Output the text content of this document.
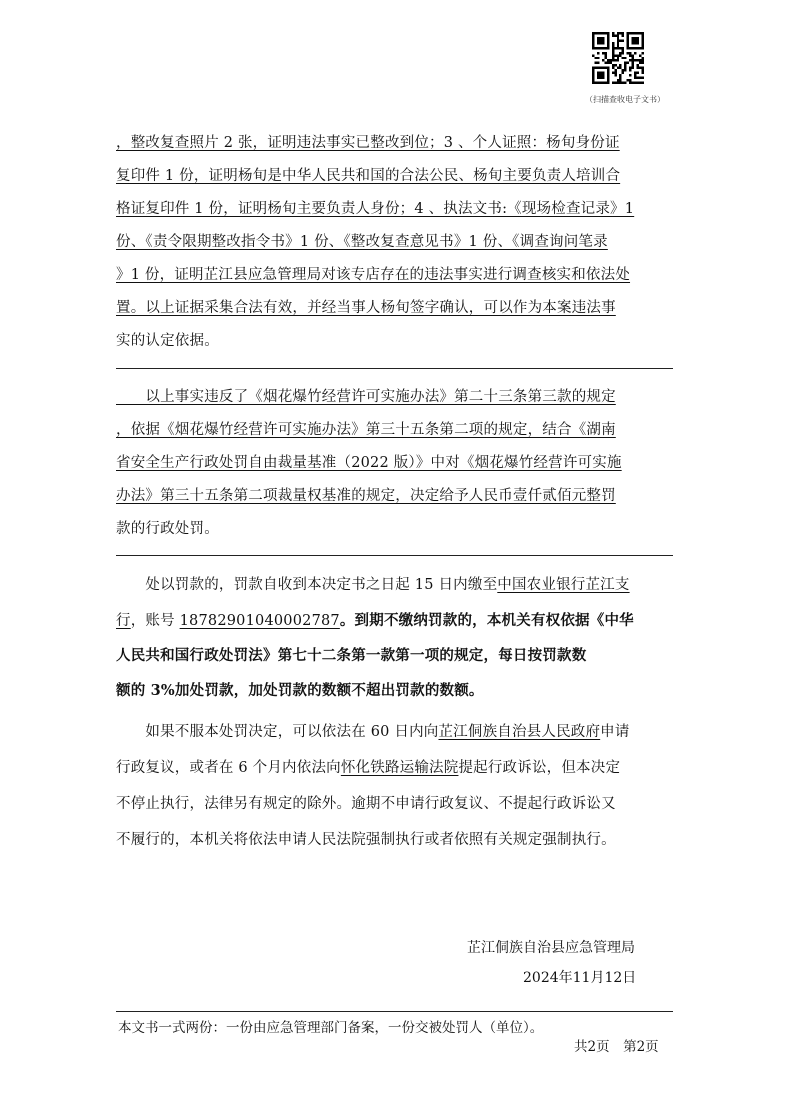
（扫描查收电子文书）
，整改复查照片 2 张，证明违法事实已整改到位；3 、个人证照：杨旬身份证
复印件 1 份，证明杨旬是中华人民共和国的合法公民、杨旬主要负责人培训合
格证复印件 1 份，证明杨旬主要负责人身份；4 、执法文书:《现场检查记录》1
份、《责令限期整改指令书》1 份、《整改复查意见书》1 份、《调查询问笔录
》1 份，证明芷江县应急管理局对该专店存在的违法事实进行调查核实和依法处
置。以上证据采集合法有效，并经当事人杨旬签字确认，可以作为本案违法事
实的认定依据。
　　以上事实违反了《烟花爆竹经营许可实施办法》第二十三条第三款的规定
，依据《烟花爆竹经营许可实施办法》第三十五条第二项的规定，结合《湖南
省安全生产行政处罚自由裁量基准（2022 版）》中对《烟花爆竹经营许可实施
办法》第三十五条第二项裁量权基准的规定，决定给予人民币壹仟贰佰元整罚
款的行政处罚。
　　处以罚款的，罚款自收到本决定书之日起 15 日内缴至中国农业银行芷江支
行，账号 18782901040002787。到期不缴纳罚款的，本机关有权依据《中华
人民共和国行政处罚法》第七十二条第一款第一项的规定，每日按罚款数
额的 3%加处罚款，加处罚款的数额不超出罚款的数额。
　　如果不服本处罚决定，可以依法在 60 日内向芷江侗族自治县人民政府申请
行政复议，或者在 6 个月内依法向怀化铁路运输法院提起行政诉讼，但本决定
不停止执行，法律另有规定的除外。逾期不申请行政复议、不提起行政诉讼又
不履行的，本机关将依法申请人民法院强制执行或者依照有关规定强制执行。
芷江侗族自治县应急管理局
2024年11月12日
本文书一式两份：一份由应急管理部门备案，一份交被处罚人（单位）。
共2页　第2页
